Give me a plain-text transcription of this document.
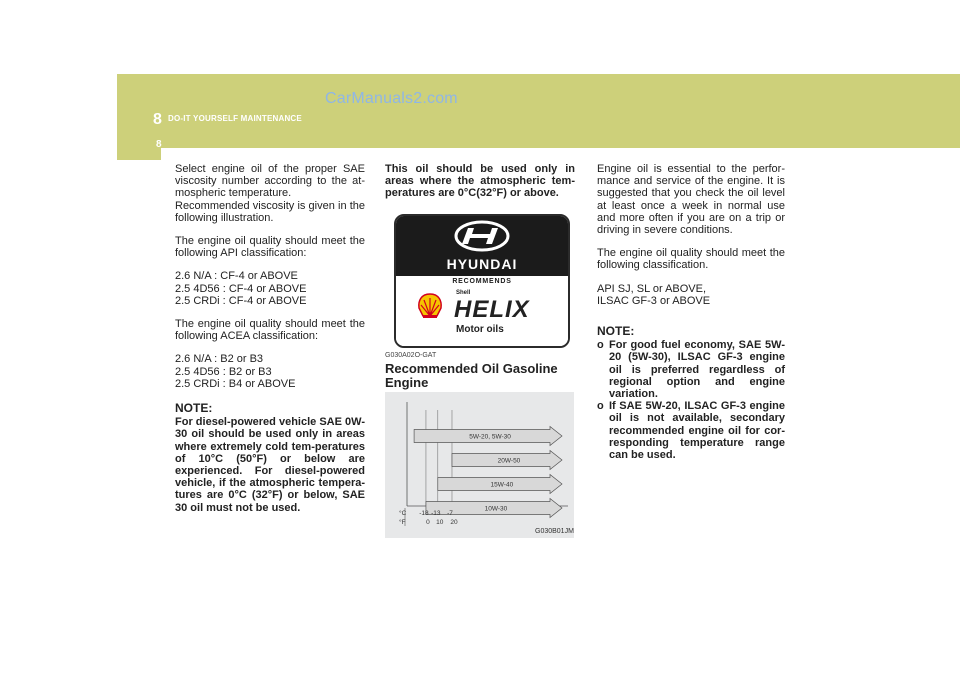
CarManuals2.com
8 DO-IT YOURSELF MAINTENANCE
8

Select engine oil of the proper SAE viscosity number according to the at-mospheric temperature.
Recommended viscosity is given in the following illustration.

The engine oil quality should meet the following API classification:

2.6 N/A : CF-4 or ABOVE
2.5 4D56 : CF-4 or ABOVE
2.5 CRDi : CF-4 or ABOVE

The engine oil quality should meet the following ACEA classification:

2.6 N/A : B2 or B3
2.5 4D56 : B2 or B3
2.5 CRDi : B4 or ABOVE
NOTE:
For diesel-powered vehicle SAE 0W-30 oil should be used only in areas where extremely cold tem-peratures of 10°C (50°F) or below are experienced. For diesel-powered vehicle, if the atmospheric tempera-tures are 0°C (32°F) or below, SAE 30 oil must not be used.
This oil should be used only in areas where the atmospheric tem-peratures are 0°C(32°F) or above.
HYUNDAI
RECOMMENDS
Shell
HELIX
Motor oils
G030A02O-GAT
Recommended Oil Gasoline Engine
5W-20, 5W-30
20W-50
15W-40
10W-30
°C
°F
-18
0
-13
10
-7
20
G030B01JM

Engine oil is essential to the perfor-mance and service of the engine. It is suggested that you check the oil level at least once a week in normal use and more often if you are on a trip or driving in severe conditions.

The engine oil quality should meet the following classification.

API SJ, SL or ABOVE,
ILSAC GF-3 or ABOVE
NOTE:
o For good fuel economy, SAE 5W-20 (5W-30), ILSAC GF-3 engine oil is preferred regardless of regional option and engine variation.
o If SAE 5W-20, ILSAC GF-3 engine oil is not available, secondary recommended engine oil for cor-responding temperature range can be used.
